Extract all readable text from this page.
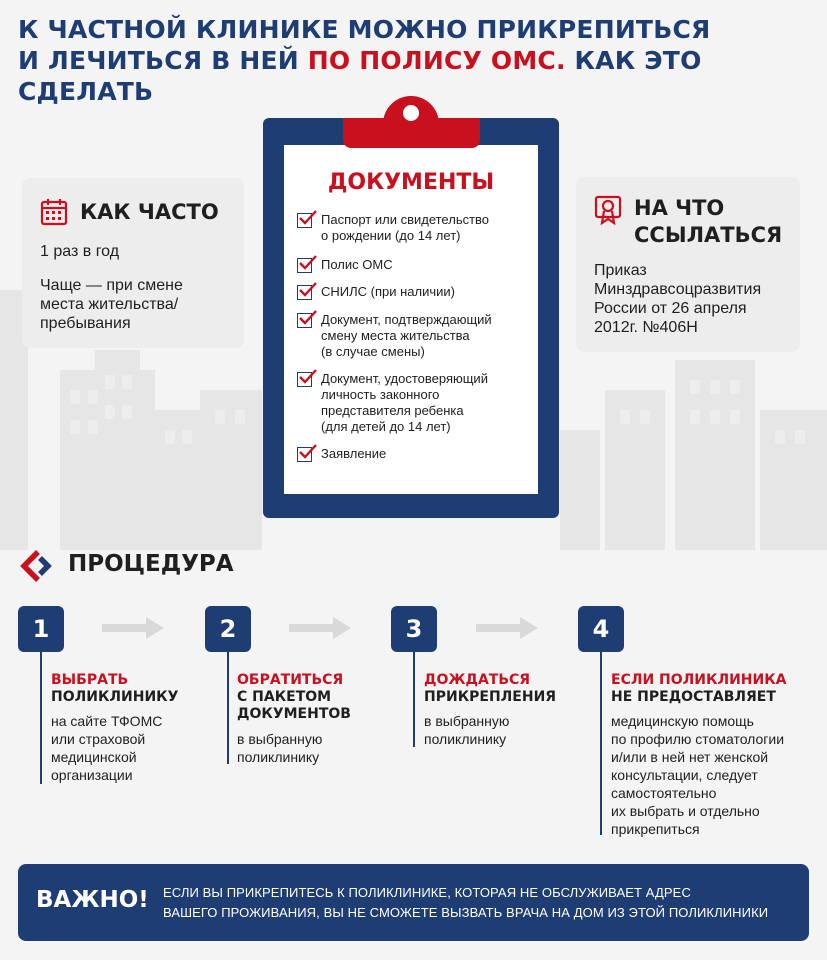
К ЧАСТНОЙ КЛИНИКЕ МОЖНО ПРИКРЕПИТЬСЯ
И ЛЕЧИТЬСЯ В НЕЙ ПО ПОЛИСУ ОМС. КАК ЭТО СДЕЛАТЬ
КАК ЧАСТО
1 раз в год
Чаще — при смене
места жительства/
пребывания
НА ЧТО
ССЫЛАТЬСЯ
Приказ
Минздравсоцразвития
России от 26 апреля
2012г. №406Н
ДОКУМЕНТЫ
Паспорт или свидетельство
о рождении (до 14 лет)
Полис ОМС
СНИЛС (при наличии)
Документ, подтверждающий
смену места жительства
(в случае смены)
Документ, удостоверяющий
личность законного
представителя ребенка
(для детей до 14 лет)
Заявление
ПРОЦЕДУРА
1
ВЫБРАТЬ
ПОЛИКЛИНИКУ
на сайте ТФОМС
или страховой
медицинской
организации
2
ОБРАТИТЬСЯ
С ПАКЕТОМ
ДОКУМЕНТОВ
в выбранную
поликлинику
3
ДОЖДАТЬСЯ
ПРИКРЕПЛЕНИЯ
в выбранную
поликлинику
4
ЕСЛИ ПОЛИКЛИНИКА
НЕ ПРЕДОСТАВЛЯЕТ
медицинскую помощь
по профилю стоматологии
и/или в ней нет женской
консультации, следует
самостоятельно
их выбрать и отдельно
прикрепиться
ВАЖНО! ЕСЛИ ВЫ ПРИКРЕПИТЕСЬ К ПОЛИКЛИНИКЕ, КОТОРАЯ НЕ ОБСЛУЖИВАЕТ АДРЕС
ВАШЕГО ПРОЖИВАНИЯ, ВЫ НЕ СМОЖЕТЕ ВЫЗВАТЬ ВРАЧА НА ДОМ ИЗ ЭТОЙ ПОЛИКЛИНИКИ
